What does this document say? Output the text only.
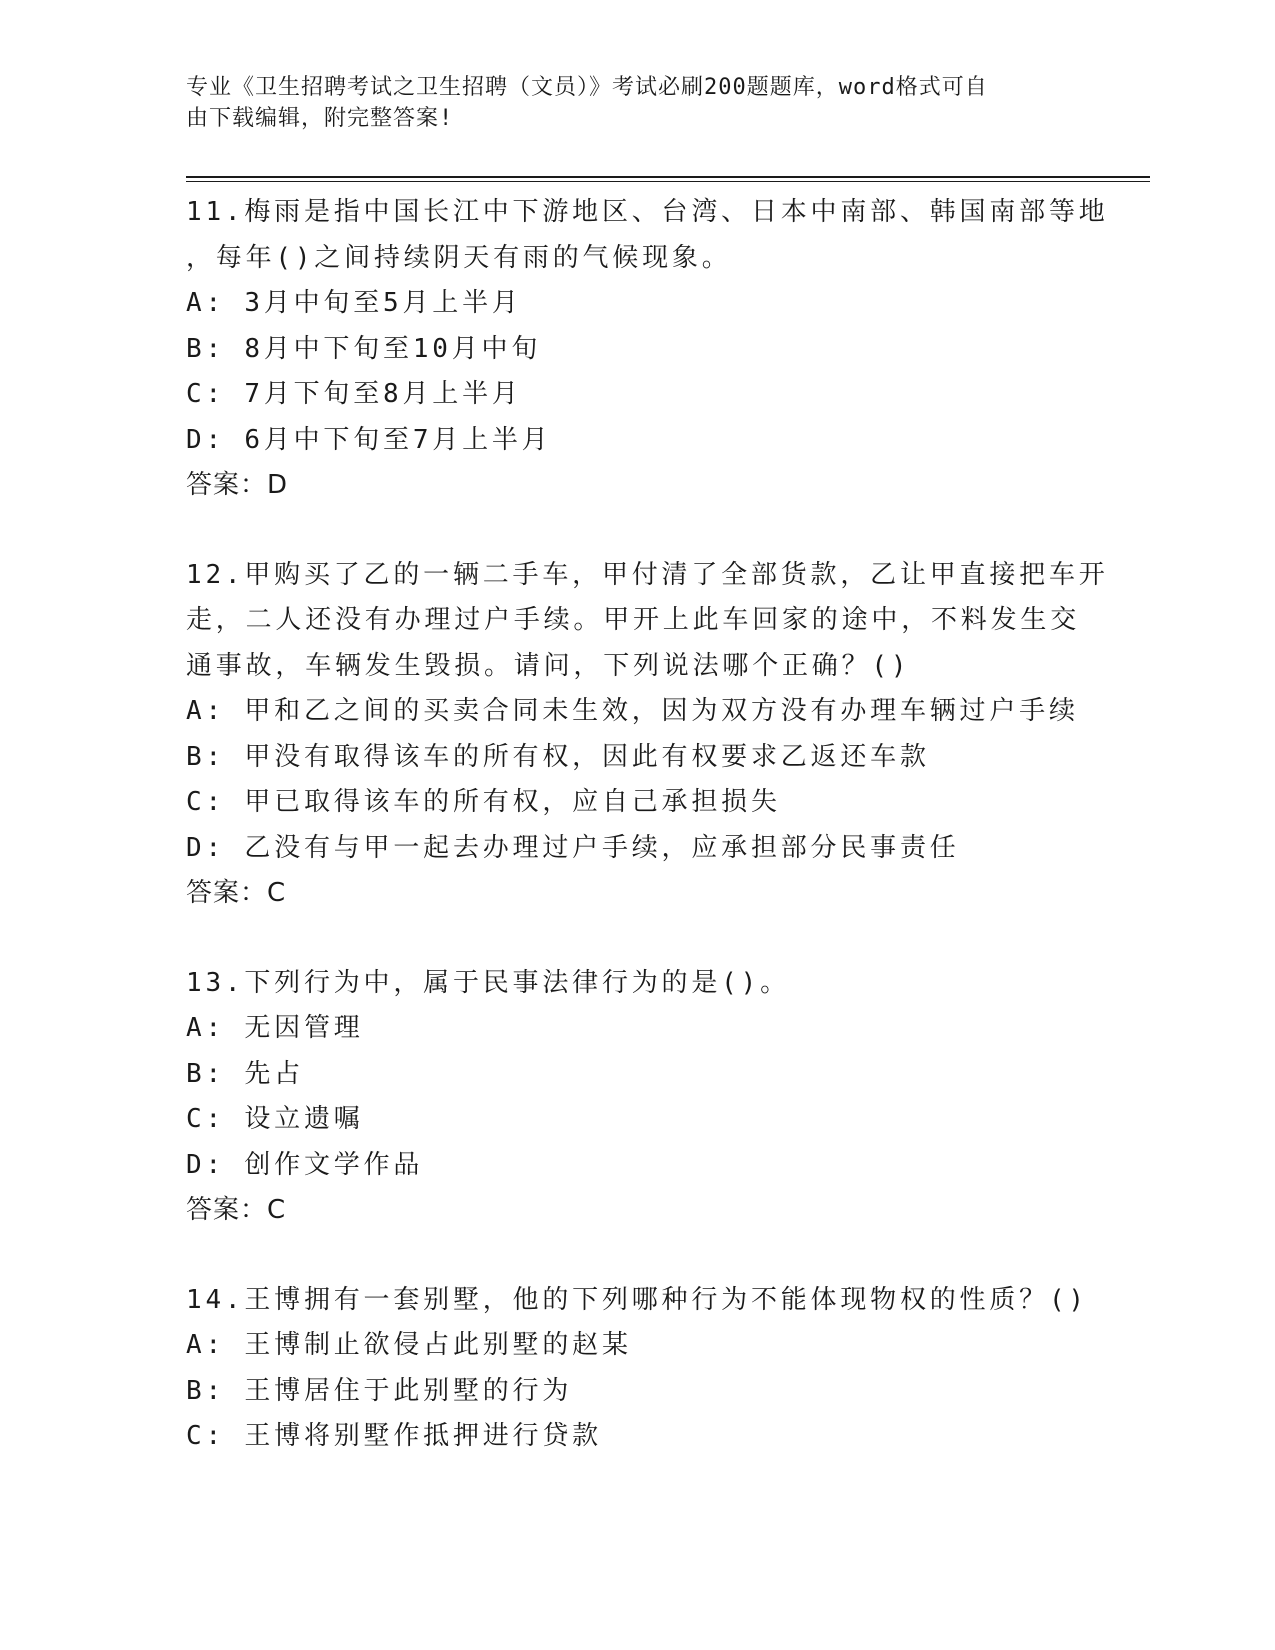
专业《卫生招聘考试之卫生招聘（文员）》考试必刷200题题库，word格式可自
由下载编辑，附完整答案!
11.梅雨是指中国长江中下游地区、台湾、日本中南部、韩国南部等地
，每年()之间持续阴天有雨的气候现象。
A: 3月中旬至5月上半月
B: 8月中下旬至10月中旬
C: 7月下旬至8月上半月
D: 6月中下旬至7月上半月
答案：D
12.甲购买了乙的一辆二手车，甲付清了全部货款，乙让甲直接把车开
走，二人还没有办理过户手续。甲开上此车回家的途中，不料发生交
通事故，车辆发生毁损。请问，下列说法哪个正确？()
A: 甲和乙之间的买卖合同未生效，因为双方没有办理车辆过户手续
B: 甲没有取得该车的所有权，因此有权要求乙返还车款
C: 甲已取得该车的所有权，应自己承担损失
D: 乙没有与甲一起去办理过户手续，应承担部分民事责任
答案：C
13.下列行为中，属于民事法律行为的是()。
A: 无因管理
B: 先占
C: 设立遗嘱
D: 创作文学作品
答案：C
14.王博拥有一套别墅，他的下列哪种行为不能体现物权的性质？()
A: 王博制止欲侵占此别墅的赵某
B: 王博居住于此别墅的行为
C: 王博将别墅作抵押进行贷款
